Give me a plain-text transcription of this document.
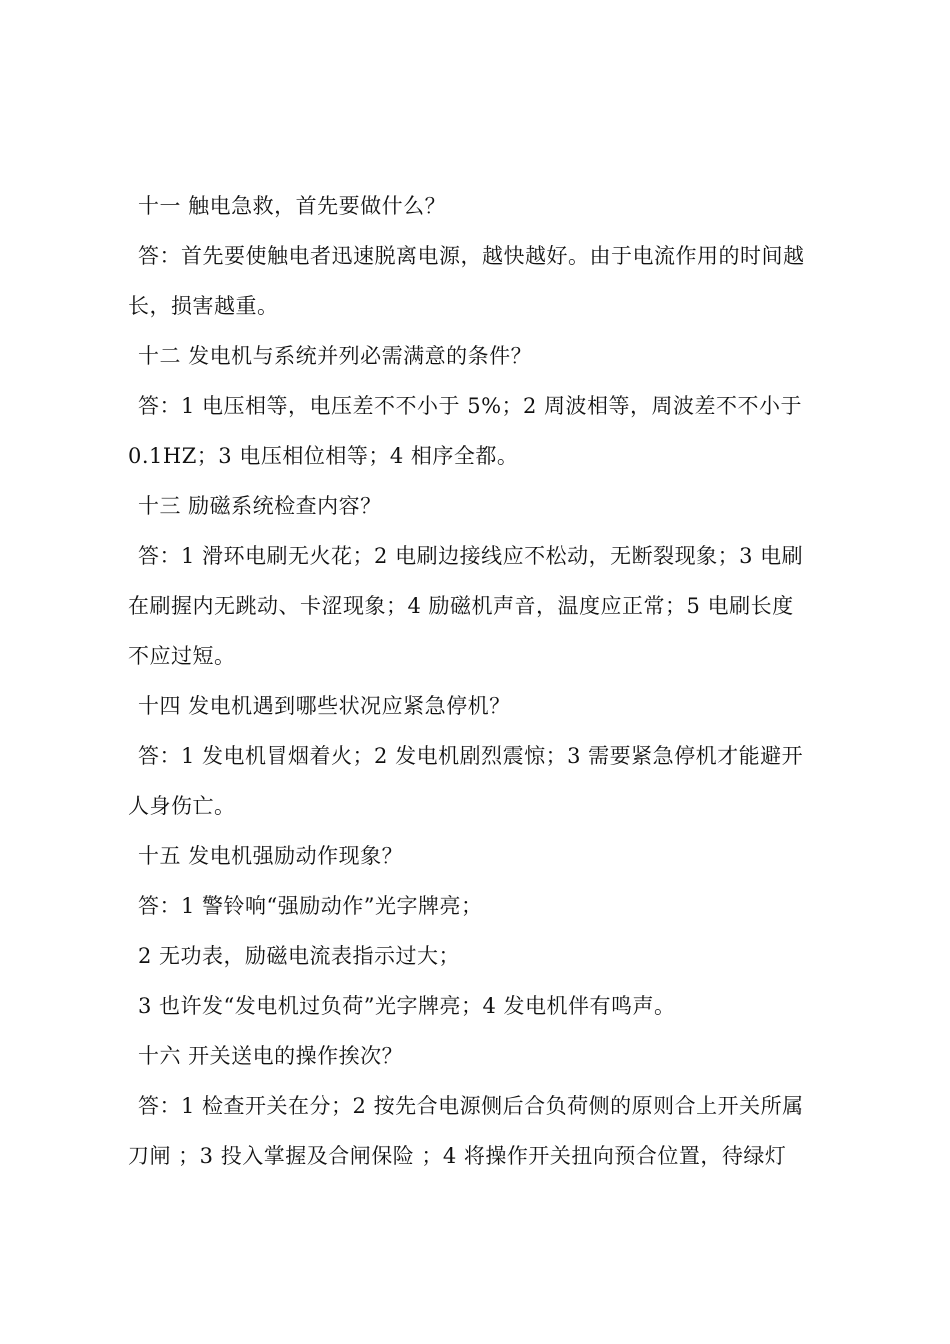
十一 触电急救，首先要做什么？
答：首先要使触电者迅速脱离电源，越快越好。由于电流作用的时间越
长，损害越重。
十二 发电机与系统并列必需满意的条件？
答：1 电压相等，电压差不不小于 5%；2 周波相等，周波差不不小于
0.1HZ；3 电压相位相等；4 相序全都。
十三 励磁系统检查内容？
答：1 滑环电刷无火花；2 电刷边接线应不松动，无断裂现象；3 电刷
在刷握内无跳动、卡涩现象；4 励磁机声音，温度应正常；5 电刷长度
不应过短。
十四 发电机遇到哪些状况应紧急停机？
答：1 发电机冒烟着火；2 发电机剧烈震惊；3 需要紧急停机才能避开
人身伤亡。
十五 发电机强励动作现象？
答：1 警铃响“强励动作”光字牌亮；
2 无功表，励磁电流表指示过大；
3 也许发“发电机过负荷”光字牌亮；4 发电机伴有鸣声。
十六 开关送电的操作挨次？
答：1 检查开关在分；2 按先合电源侧后合负荷侧的原则合上开关所属
刀闸 ；3 投入掌握及合闸保险 ；4 将操作开关扭向预合位置，待绿灯
